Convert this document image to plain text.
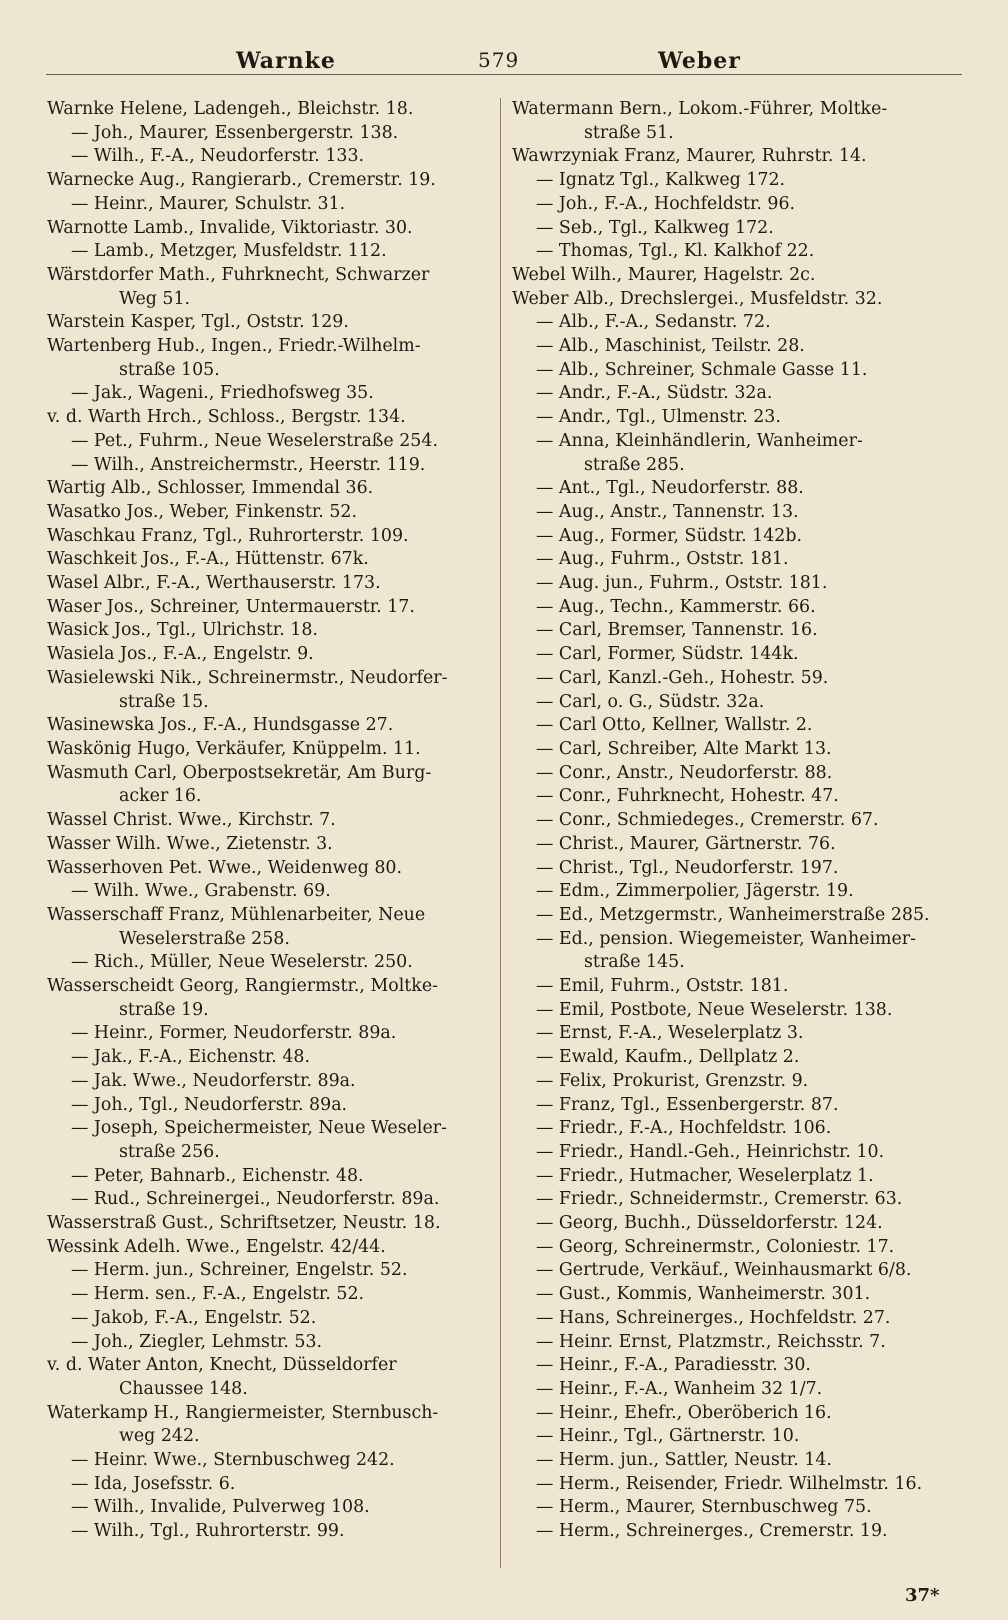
Warnke	579	Weber
Warnke Helene, Ladengeh., Bleichstr. 18.
— Joh., Maurer, Essenbergerstr. 138.
— Wilh., F.-A., Neudorferstr. 133.
Warnecke Aug., Rangierarb., Cremerstr. 19.
— Heinr., Maurer, Schulstr. 31.
Warnotte Lamb., Invalide, Viktoriastr. 30.
— Lamb., Metzger, Musfeldstr. 112.
Wärstdorfer Math., Fuhrknecht, Schwarzer
Weg 51.
Warstein Kasper, Tgl., Oststr. 129.
Wartenberg Hub., Ingen., Friedr.-Wilhelm-
straße 105.
— Jak., Wageni., Friedhofsweg 35.
v. d. Warth Hrch., Schloss., Bergstr. 134.
— Pet., Fuhrm., Neue Weselerstraße 254.
— Wilh., Anstreichermstr., Heerstr. 119.
Wartig Alb., Schlosser, Immendal 36.
Wasatko Jos., Weber, Finkenstr. 52.
Waschkau Franz, Tgl., Ruhrorterstr. 109.
Waschkeit Jos., F.-A., Hüttenstr. 67k.
Wasel Albr., F.-A., Werthauserstr. 173.
Waser Jos., Schreiner, Untermauerstr. 17.
Wasick Jos., Tgl., Ulrichstr. 18.
Wasiela Jos., F.-A., Engelstr. 9.
Wasielewski Nik., Schreinermstr., Neudorfer-
straße 15.
Wasinewska Jos., F.-A., Hundsgasse 27.
Waskönig Hugo, Verkäufer, Knüppelm. 11.
Wasmuth Carl, Oberpostsekretär, Am Burg-
acker 16.
Wassel Christ. Wwe., Kirchstr. 7.
Wasser Wilh. Wwe., Zietenstr. 3.
Wasserhoven Pet. Wwe., Weidenweg 80.
— Wilh. Wwe., Grabenstr. 69.
Wasserschaff Franz, Mühlenarbeiter, Neue
Weselerstraße 258.
— Rich., Müller, Neue Weselerstr. 250.
Wasserscheidt Georg, Rangiermstr., Moltke-
straße 19.
— Heinr., Former, Neudorferstr. 89a.
— Jak., F.-A., Eichenstr. 48.
— Jak. Wwe., Neudorferstr. 89a.
— Joh., Tgl., Neudorferstr. 89a.
— Joseph, Speichermeister, Neue Weseler-
straße 256.
— Peter, Bahnarb., Eichenstr. 48.
— Rud., Schreinergei., Neudorferstr. 89a.
Wasserstraß Gust., Schriftsetzer, Neustr. 18.
Wessink Adelh. Wwe., Engelstr. 42/44.
— Herm. jun., Schreiner, Engelstr. 52.
— Herm. sen., F.-A., Engelstr. 52.
— Jakob, F.-A., Engelstr. 52.
— Joh., Ziegler, Lehmstr. 53.
v. d. Water Anton, Knecht, Düsseldorfer
Chaussee 148.
Waterkamp H., Rangiermeister, Sternbusch-
weg 242.
— Heinr. Wwe., Sternbuschweg 242.
— Ida, Josefsstr. 6.
— Wilh., Invalide, Pulverweg 108.
— Wilh., Tgl., Ruhrorterstr. 99.
Watermann Bern., Lokom.-Führer, Moltke-
straße 51.
Wawrzyniak Franz, Maurer, Ruhrstr. 14.
— Ignatz Tgl., Kalkweg 172.
— Joh., F.-A., Hochfeldstr. 96.
— Seb., Tgl., Kalkweg 172.
— Thomas, Tgl., Kl. Kalkhof 22.
Webel Wilh., Maurer, Hagelstr. 2c.
Weber Alb., Drechslergei., Musfeldstr. 32.
— Alb., F.-A., Sedanstr. 72.
— Alb., Maschinist, Teilstr. 28.
— Alb., Schreiner, Schmale Gasse 11.
— Andr., F.-A., Südstr. 32a.
— Andr., Tgl., Ulmenstr. 23.
— Anna, Kleinhändlerin, Wanheimer-
straße 285.
— Ant., Tgl., Neudorferstr. 88.
— Aug., Anstr., Tannenstr. 13.
— Aug., Former, Südstr. 142b.
— Aug., Fuhrm., Oststr. 181.
— Aug. jun., Fuhrm., Oststr. 181.
— Aug., Techn., Kammerstr. 66.
— Carl, Bremser, Tannenstr. 16.
— Carl, Former, Südstr. 144k.
— Carl, Kanzl.-Geh., Hohestr. 59.
— Carl, o. G., Südstr. 32a.
— Carl Otto, Kellner, Wallstr. 2.
— Carl, Schreiber, Alte Markt 13.
— Conr., Anstr., Neudorferstr. 88.
— Conr., Fuhrknecht, Hohestr. 47.
— Conr., Schmiedeges., Cremerstr. 67.
— Christ., Maurer, Gärtnerstr. 76.
— Christ., Tgl., Neudorferstr. 197.
— Edm., Zimmerpolier, Jägerstr. 19.
— Ed., Metzgermstr., Wanheimerstraße 285.
— Ed., pension. Wiegemeister, Wanheimer-
straße 145.
— Emil, Fuhrm., Oststr. 181.
— Emil, Postbote, Neue Weselerstr. 138.
— Ernst, F.-A., Weselerplatz 3.
— Ewald, Kaufm., Dellplatz 2.
— Felix, Prokurist, Grenzstr. 9.
— Franz, Tgl., Essenbergerstr. 87.
— Friedr., F.-A., Hochfeldstr. 106.
— Friedr., Handl.-Geh., Heinrichstr. 10.
— Friedr., Hutmacher, Weselerplatz 1.
— Friedr., Schneidermstr., Cremerstr. 63.
— Georg, Buchh., Düsseldorferstr. 124.
— Georg, Schreinermstr., Coloniestr. 17.
— Gertrude, Verkäuf., Weinhausmarkt 6/8.
— Gust., Kommis, Wanheimerstr. 301.
— Hans, Schreinerges., Hochfeldstr. 27.
— Heinr. Ernst, Platzmstr., Reichsstr. 7.
— Heinr., F.-A., Paradiesstr. 30.
— Heinr., F.-A., Wanheim 32 1/7.
— Heinr., Ehefr., Oberöberich 16.
— Heinr., Tgl., Gärtnerstr. 10.
— Herm. jun., Sattler, Neustr. 14.
— Herm., Reisender, Friedr. Wilhelmstr. 16.
— Herm., Maurer, Sternbuschweg 75.
— Herm., Schreinerges., Cremerstr. 19.
37*
